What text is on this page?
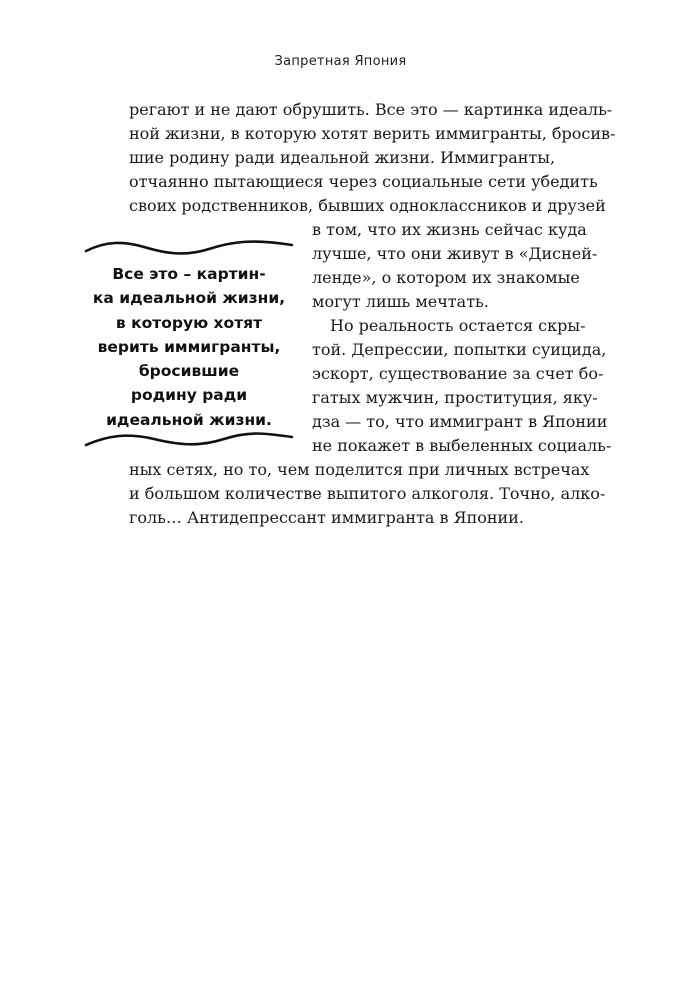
Запретная Япония
регают и не дают обрушить. Все это — картинка идеаль-
ной жизни, в которую хотят верить иммигранты, бросив-
шие родину ради идеальной жизни. Иммигранты,
отчаянно пытающиеся через социальные сети убедить
своих родственников, бывших одноклассников и друзей
в том, что их жизнь сейчас куда
лучше, что они живут в «Дисней-
ленде», о котором их знакомые
могут лишь мечтать.
Но реальность остается скры-
той. Депрессии, попытки суицида,
эскорт, существование за счет бо-
гатых мужчин, проституция, яку-
дза — то, что иммигрант в Японии
не покажет в выбеленных социаль-
ных сетях, но то, чем поделится при личных встречах
и большом количестве выпитого алкоголя. Точно, алко-
голь… Антидепрессант иммигранта в Японии.
Все это – картин-
ка идеальной жизни,
в которую хотят
верить иммигранты,
бросившие
родину ради
идеальной жизни.
